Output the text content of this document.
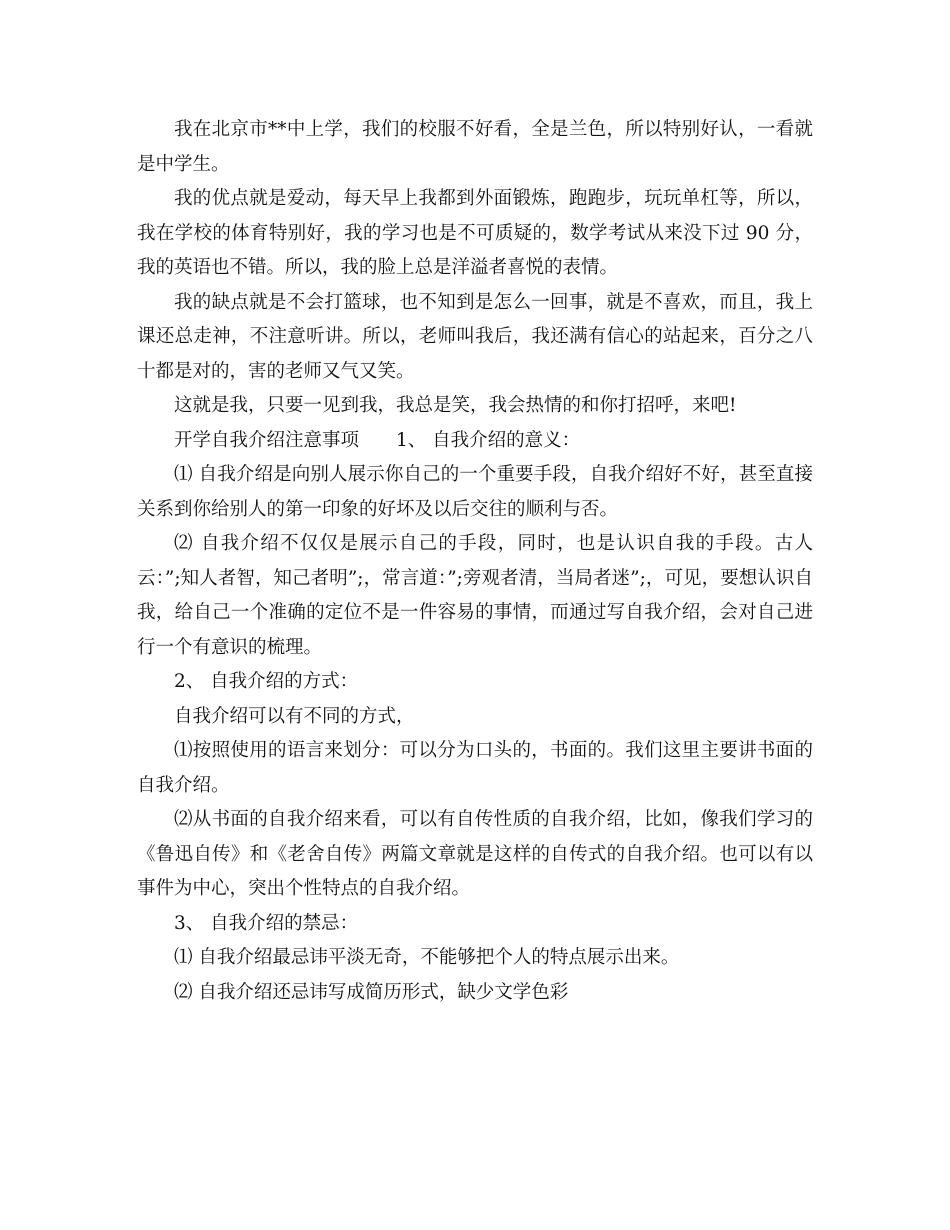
我在北京市**中上学，我们的校服不好看，全是兰色，所以特别好认，一看就是中学生。

我的优点就是爱动，每天早上我都到外面锻炼，跑跑步，玩玩单杠等，所以，我在学校的体育特别好，我的学习也是不可质疑的，数学考试从来没下过 90 分，我的英语也不错。所以，我的脸上总是洋溢者喜悦的表情。

我的缺点就是不会打篮球，也不知到是怎么一回事，就是不喜欢，而且，我上课还总走神，不注意听讲。所以，老师叫我后，我还满有信心的站起来，百分之八十都是对的，害的老师又气又笑。

这就是我，只要一见到我，我总是笑，我会热情的和你打招呼，来吧!

开学自我介绍注意事项　　1、 自我介绍的意义：

⑴ 自我介绍是向别人展示你自己的一个重要手段，自我介绍好不好，甚至直接关系到你给别人的第一印象的好坏及以后交往的顺利与否。

⑵ 自我介绍不仅仅是展示自己的手段，同时，也是认识自我的手段。古人云：”;知人者智，知己者明”;，常言道：”;旁观者清，当局者迷”;，可见，要想认识自我，给自己一个准确的定位不是一件容易的事情，而通过写自我介绍，会对自己进行一个有意识的梳理。

2、 自我介绍的方式：

自我介绍可以有不同的方式，

⑴按照使用的语言来划分：可以分为口头的，书面的。我们这里主要讲书面的自我介绍。

⑵从书面的自我介绍来看，可以有自传性质的自我介绍，比如，像我们学习的《鲁迅自传》和《老舍自传》两篇文章就是这样的自传式的自我介绍。也可以有以事件为中心，突出个性特点的自我介绍。

3、 自我介绍的禁忌：

⑴ 自我介绍最忌讳平淡无奇，不能够把个人的特点展示出来。

⑵ 自我介绍还忌讳写成简历形式，缺少文学色彩
